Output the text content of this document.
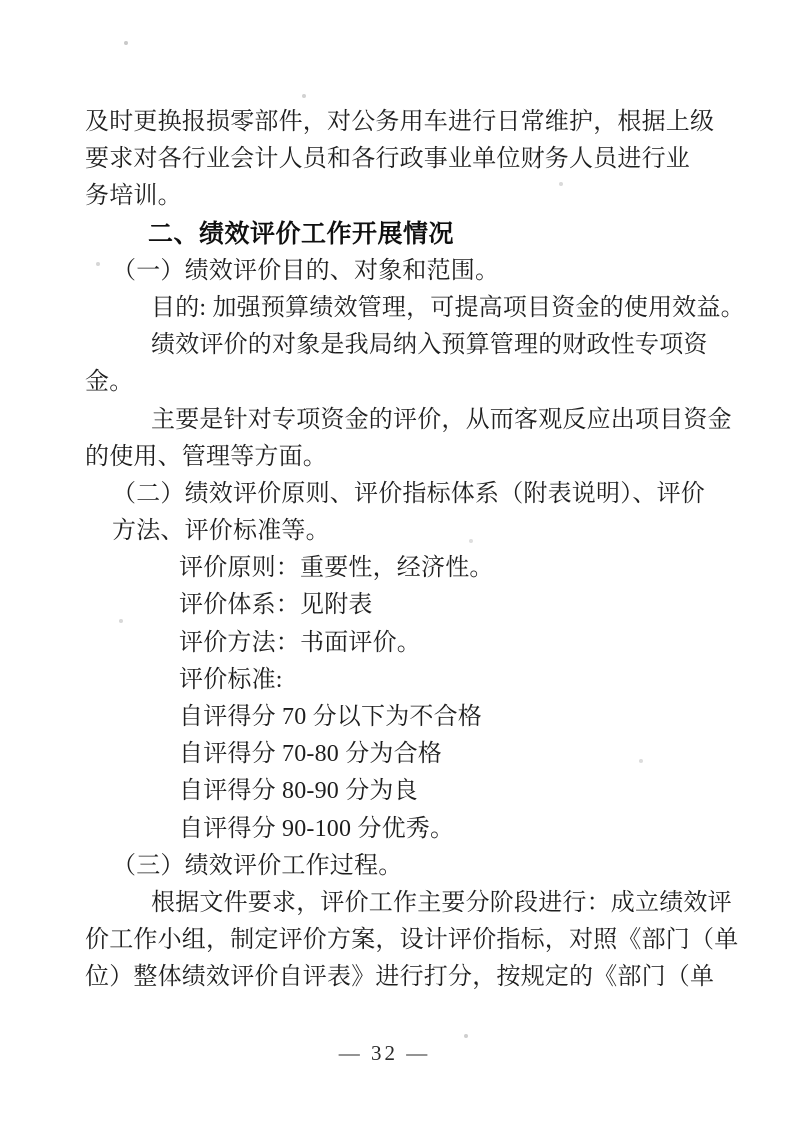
及时更换报损零部件，对公务用车进行日常维护，根据上级
要求对各行业会计人员和各行政事业单位财务人员进行业
务培训。
二、绩效评价工作开展情况
（一）绩效评价目的、对象和范围。
目的: 加强预算绩效管理，可提高项目资金的使用效益。
绩效评价的对象是我局纳入预算管理的财政性专项资
金。
主要是针对专项资金的评价，从而客观反应出项目资金
的使用、管理等方面。
（二）绩效评价原则、评价指标体系（附表说明）、评价
方法、评价标准等。
评价原则：重要性，经济性。
评价体系：见附表
评价方法：书面评价。
评价标准:
自评得分 70 分以下为不合格
自评得分 70-80 分为合格
自评得分 80-90 分为良
自评得分 90-100 分优秀。
（三）绩效评价工作过程。
根据文件要求，评价工作主要分阶段进行：成立绩效评
价工作小组，制定评价方案，设计评价指标，对照《部门（单
位）整体绩效评价自评表》进行打分，按规定的《部门（单
— 32 —
